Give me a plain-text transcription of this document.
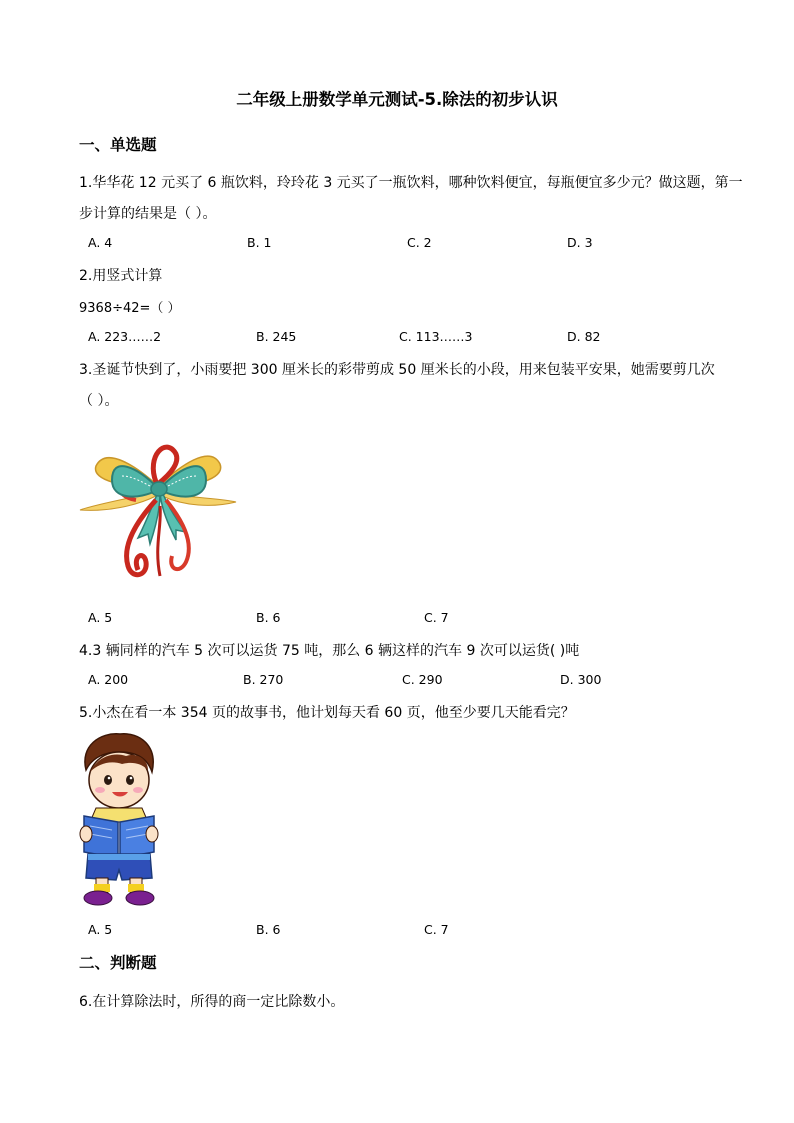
二年级上册数学单元测试-5.除法的初步认识
一、单选题
1.华华花 12 元买了 6 瓶饮料，玲玲花 3 元买了一瓶饮料，哪种饮料便宜，每瓶便宜多少元？做这题，第一
步计算的结果是（ ）。
A. 4	B. 1	C. 2	D. 3
2.用竖式计算
9368÷42=（ ）
A. 223……2	B. 245	C. 113……3	D. 82
3.圣诞节快到了，小雨要把 300 厘米长的彩带剪成 50 厘米长的小段，用来包装平安果，她需要剪几次
（ ）。
A. 5	B. 6	C. 7
4.3 辆同样的汽车 5 次可以运货 75 吨，那么 6 辆这样的汽车 9 次可以运货( )吨
A. 200	B. 270	C. 290	D. 300
5.小杰在看一本 354 页的故事书，他计划每天看 60 页，他至少要几天能看完？
A. 5	B. 6	C. 7
二、判断题
6.在计算除法时，所得的商一定比除数小。
